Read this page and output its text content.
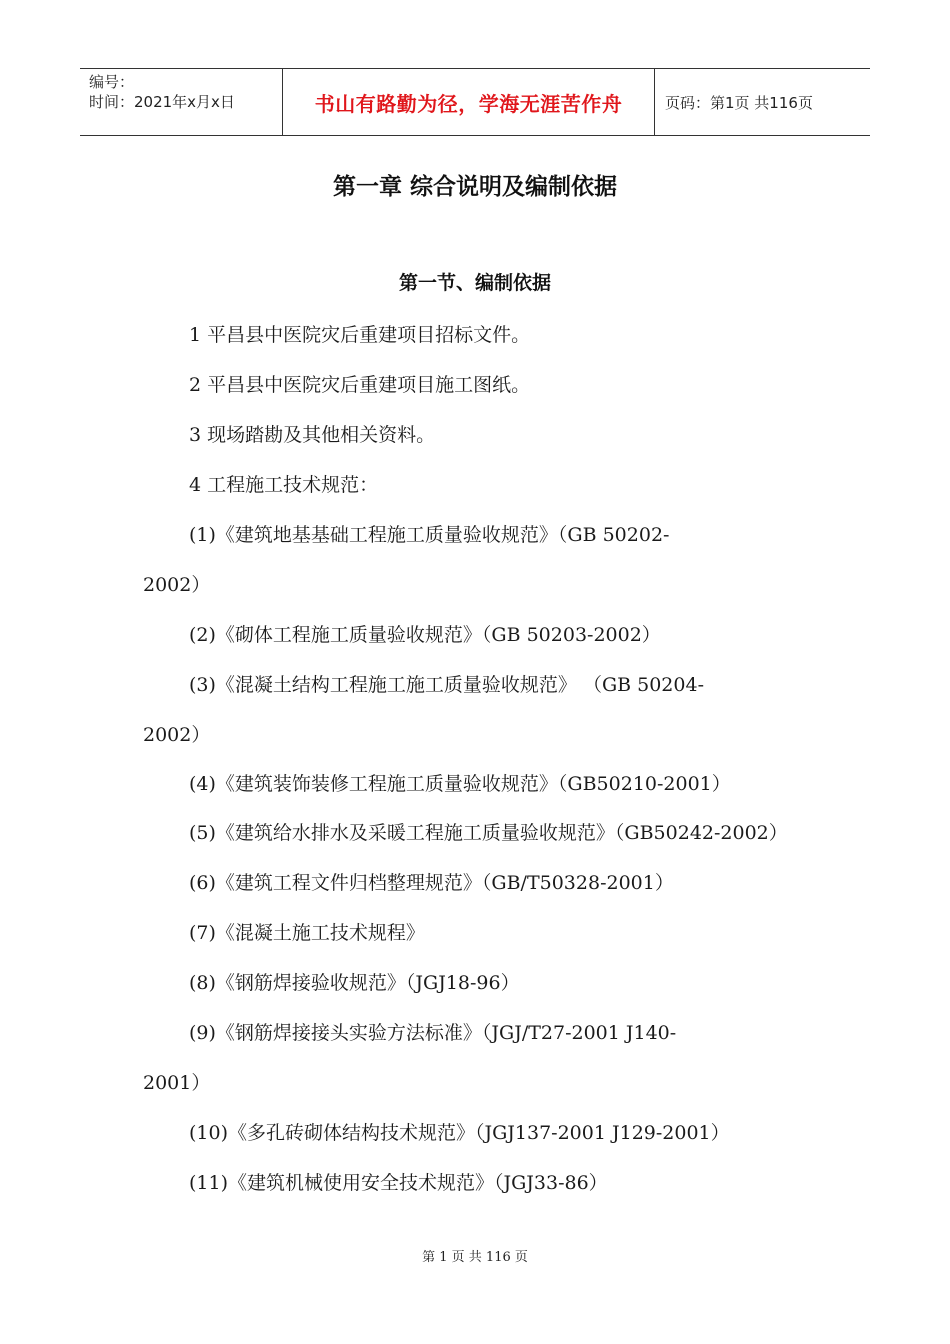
编号：
时间：2021年x月x日	书山有路勤为径，学海无涯苦作舟	页码：第1页 共116页
第一章 综合说明及编制依据
第一节、编制依据
1 平昌县中医院灾后重建项目招标文件。
2 平昌县中医院灾后重建项目施工图纸。
3 现场踏勘及其他相关资料。
4 工程施工技术规范：
(1)《建筑地基基础工程施工质量验收规范》（GB 50202-
2002）
(2)《砌体工程施工质量验收规范》（GB 50203-2002）
(3)《混凝土结构工程施工施工质量验收规范》 （GB 50204-
2002）
(4)《建筑装饰装修工程施工质量验收规范》（GB50210-2001）
(5)《建筑给水排水及采暖工程施工质量验收规范》（GB50242-2002）
(6)《建筑工程文件归档整理规范》（GB/T50328-2001）
(7)《混凝土施工技术规程》
(8)《钢筋焊接验收规范》（JGJ18-96）
(9)《钢筋焊接接头实验方法标准》（JGJ/T27-2001 J140-
2001）
(10)《多孔砖砌体结构技术规范》（JGJ137-2001 J129-2001）
(11)《建筑机械使用安全技术规范》（JGJ33-86）
第 1 页 共 116 页
